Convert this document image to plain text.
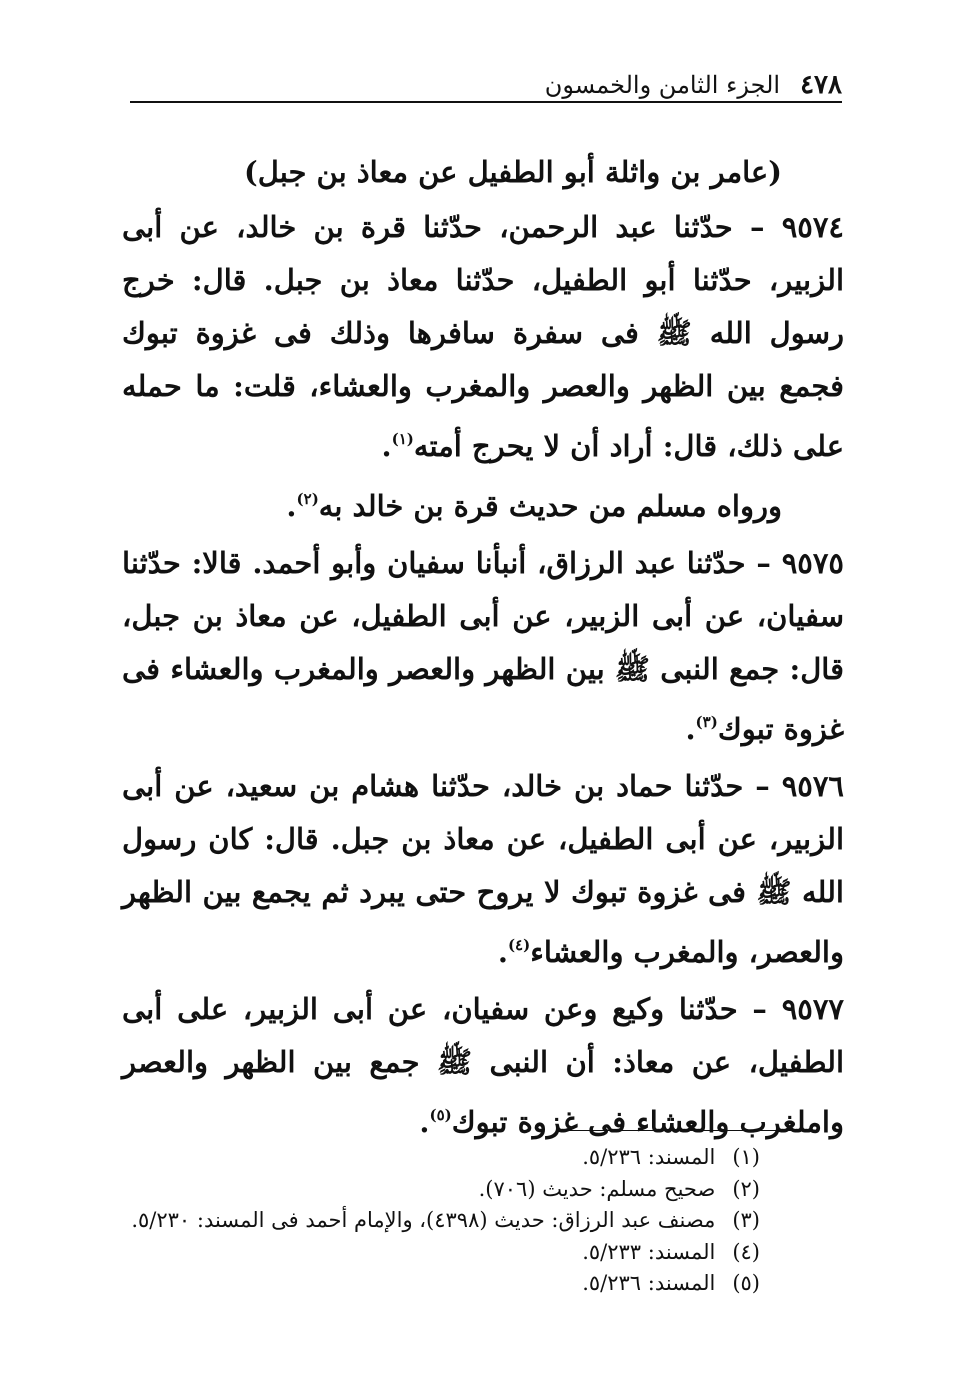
٤٧٨
الجزء الثامن والخمسون

(عامر بن واثلة أبو الطفيل عن معاذ بن جبل)

٩٥٧٤ – حدّثنا عبد الرحمن، حدّثنا قرة بن خالد، عن أبى الزبير، حدّثنا أبو الطفيل، حدّثنا معاذ بن جبل. قال: خرج رسول الله ﷺ فى سفرة سافرها وذلك فى غزوة تبوك فجمع بين الظهر والعصر والمغرب والعشاء، قلت: ما حمله على ذلك، قال: أراد أن لا يحرج أمته$^{(١)}$.

ورواه مسلم من حديث قرة بن خالد به$^{(٢)}$.

٩٥٧٥ – حدّثنا عبد الرزاق، أنبأنا سفيان وأبو أحمد. قالا: حدّثنا سفيان، عن أبى الزبير، عن أبى الطفيل، عن معاذ بن جبل، قال: جمع النبى ﷺ بين الظهر والعصر والمغرب والعشاء فى غزوة تبوك$^{(٣)}$.

٩٥٧٦ – حدّثنا حماد بن خالد، حدّثنا هشام بن سعيد، عن أبى الزبير، عن أبى الطفيل، عن معاذ بن جبل. قال: كان رسول الله ﷺ فى غزوة تبوك لا يروح حتى يبرد ثم يجمع بين الظهر والعصر، والمغرب والعشاء$^{(٤)}$.

٩٥٧٧ – حدّثنا وكيع وعن سفيان، عن أبى الزبير، على أبى الطفيل، عن معاذ: أن النبى ﷺ جمع بين الظهر والعصر واملغرب والعشاء فى غزوة تبوك$^{(٥)}$.

(١) المسند: ٥/٢٣٦.
(٢) صحيح مسلم: حديث (٧٠٦).
(٣) مصنف عبد الرزاق: حديث (٤٣٩٨)، والإمام أحمد فى المسند: ٥/٢٣٠.
(٤) المسند: ٥/٢٣٣.
(٥) المسند: ٥/٢٣٦.
